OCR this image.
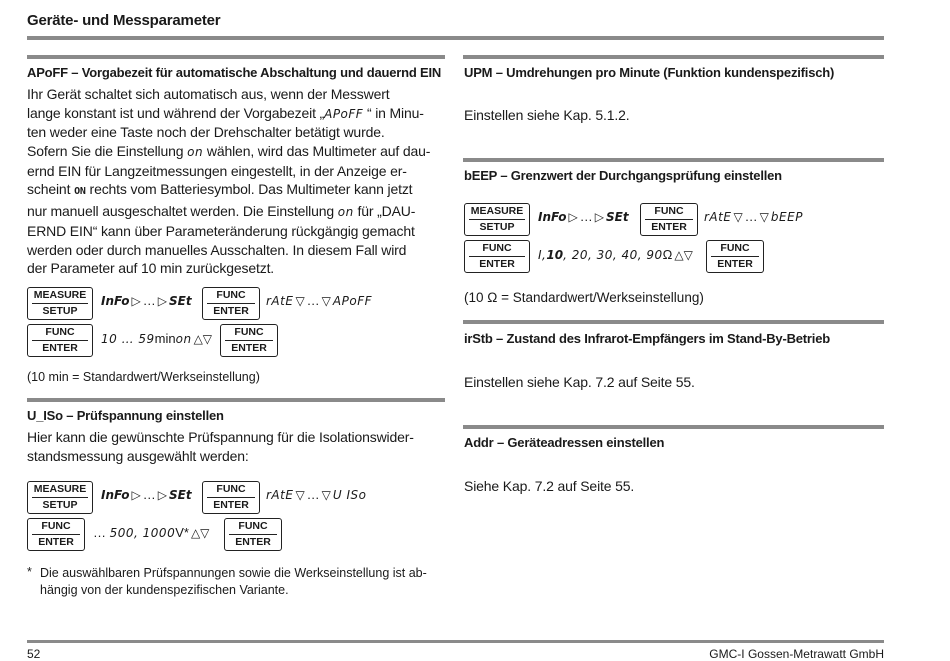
Geräte- und Messparameter
APoFF – Vorgabezeit für automatische Abschaltung und dauernd EIN
Ihr Gerät schaltet sich automatisch aus, wenn der Messwert
lange konstant ist und während der Vorgabezeit „APoFF “ in Minu-
ten weder eine Taste noch der Drehschalter betätigt wurde.
Sofern Sie die Einstellung on wählen, wird das Multimeter auf dau-
ernd EIN für Langzeitmessungen eingestellt, in der Anzeige er-
scheint ON rechts vom Batteriesymbol. Das Multimeter kann jetzt
nur manuell ausgeschaltet werden. Die Einstellung on für „DAU-
ERND EIN“ kann über Parameteränderung rückgängig gemacht
werden oder durch manuelles Ausschalten. In diesem Fall wird
der Parameter auf 10 min zurückgesetzt.
MEASURE
SETUP
InFo ▷ … ▷ SEt	FUNC
ENTER
rAtE ▽ … ▽ APoFF
FUNC
ENTER
10 … 59 min on △▽	FUNC
ENTER
(10 min = Standardwert/Werkseinstellung)
U_ISo – Prüfspannung einstellen
Hier kann die gewünschte Prüfspannung für die Isolationswider-
standsmessung ausgewählt werden:
MEASURE
SETUP
InFo ▷ … ▷ SEt	FUNC
ENTER
rAtE ▽ … ▽ U ISo
FUNC
ENTER
…
500, 1000 V* △▽	FUNC
ENTER
* Die auswählbaren Prüfspannungen sowie die Werkseinstellung ist ab-
hängig von der kundenspezifischen Variante.
UPM – Umdrehungen pro Minute (Funktion kundenspezifisch)
Einstellen siehe Kap. 5.1.2.
bEEP – Grenzwert der Durchgangsprüfung einstellen
MEASURE
SETUP
InFo ▷ … ▷ SEt	FUNC
ENTER
rAtE ▽ … ▽ bEEP
FUNC
ENTER
I, 10 , 20, 30, 40, 90 Ω △▽	FUNC
ENTER
(10 Ω = Standardwert/Werkseinstellung)
irStb – Zustand des Infrarot-Empfängers im Stand-By-Betrieb
Einstellen siehe Kap. 7.2 auf Seite 55.
Addr – Geräteadressen einstellen
Siehe Kap. 7.2 auf Seite 55.
52	GMC-I Gossen-Metrawatt GmbH
